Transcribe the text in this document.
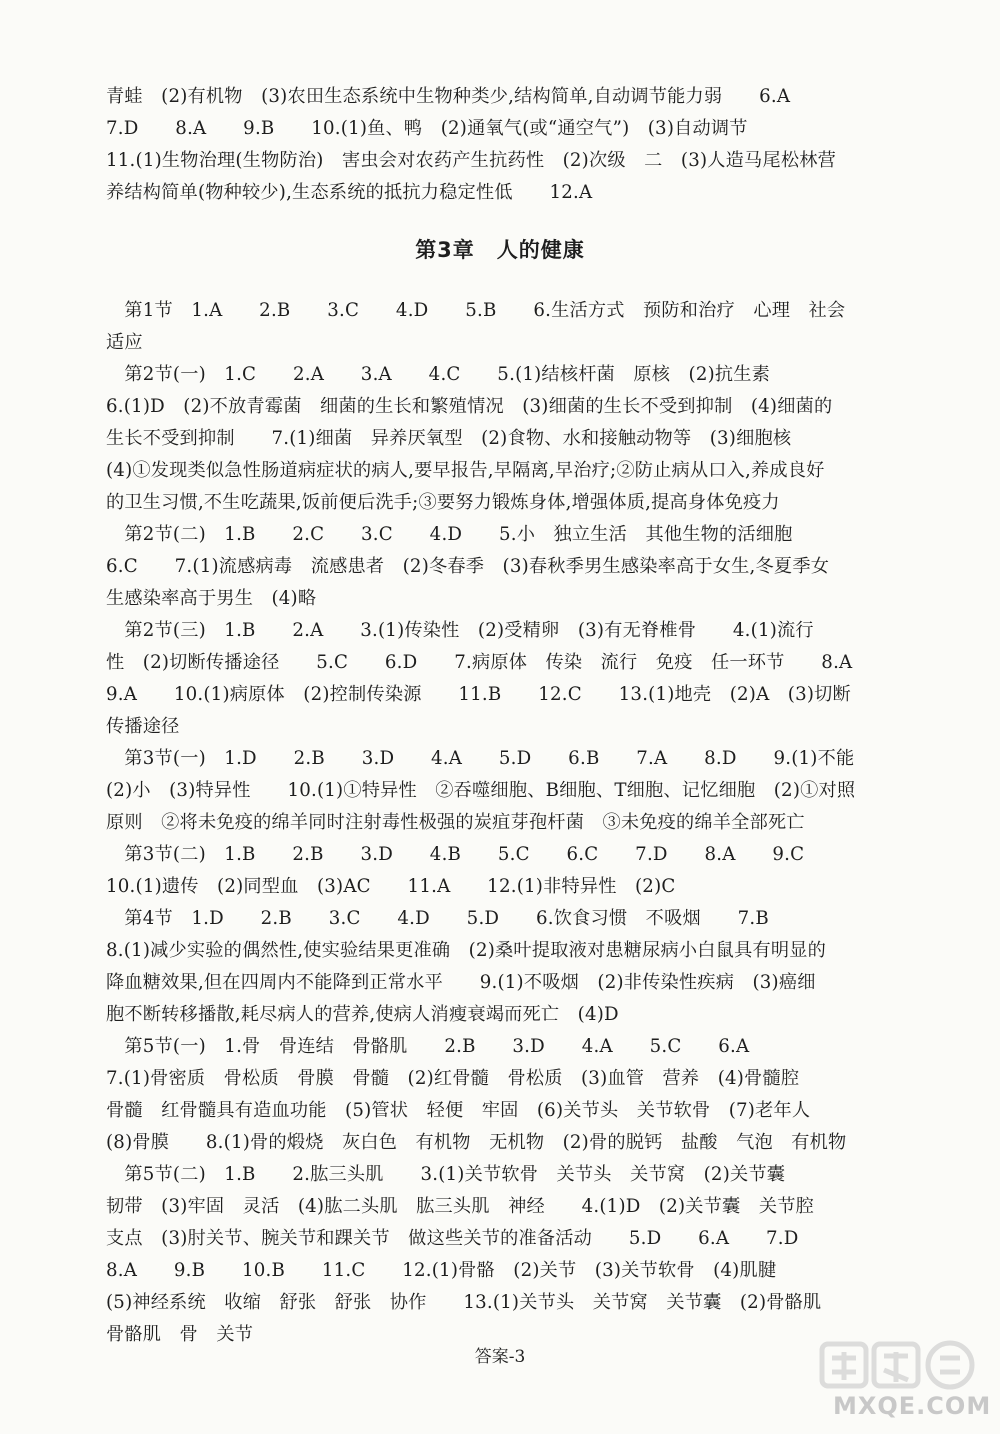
青蛙　(2)有机物　(3)农田生态系统中生物种类少,结构简单,自动调节能力弱　　6.A
7.D　　8.A　　9.B　　10.(1)鱼、鸭　(2)通氧气(或“通空气”)　(3)自动调节
11.(1)生物治理(生物防治)　害虫会对农药产生抗药性　(2)次级　二　(3)人造马尾松林营
养结构简单(物种较少),生态系统的抵抗力稳定性低　　12.A
第3章　人的健康
　第1节　1.A　　2.B　　3.C　　4.D　　5.B　　6.生活方式　预防和治疗　心理　社会
适应
　第2节(一)　1.C　　2.A　　3.A　　4.C　　5.(1)结核杆菌　原核　(2)抗生素
6.(1)D　(2)不放青霉菌　细菌的生长和繁殖情况　(3)细菌的生长不受到抑制　(4)细菌的
生长不受到抑制　　7.(1)细菌　异养厌氧型　(2)食物、水和接触动物等　(3)细胞核
(4)①发现类似急性肠道病症状的病人,要早报告,早隔离,早治疗;②防止病从口入,养成良好
的卫生习惯,不生吃蔬果,饭前便后洗手;③要努力锻炼身体,增强体质,提高身体免疫力
　第2节(二)　1.B　　2.C　　3.C　　4.D　　5.小　独立生活　其他生物的活细胞
6.C　　7.(1)流感病毒　流感患者　(2)冬春季　(3)春秋季男生感染率高于女生,冬夏季女
生感染率高于男生　(4)略
　第2节(三)　1.B　　2.A　　3.(1)传染性　(2)受精卵　(3)有无脊椎骨　　4.(1)流行
性　(2)切断传播途径　　5.C　　6.D　　7.病原体　传染　流行　免疫　任一环节　　8.A
9.A　　10.(1)病原体　(2)控制传染源　　11.B　　12.C　　13.(1)地壳　(2)A　(3)切断
传播途径
　第3节(一)　1.D　　2.B　　3.D　　4.A　　5.D　　6.B　　7.A　　8.D　　9.(1)不能
(2)小　(3)特异性　　10.(1)①特异性　②吞噬细胞、B细胞、T细胞、记忆细胞　(2)①对照
原则　②将未免疫的绵羊同时注射毒性极强的炭疽芽孢杆菌　③未免疫的绵羊全部死亡
　第3节(二)　1.B　　2.B　　3.D　　4.B　　5.C　　6.C　　7.D　　8.A　　9.C
10.(1)遗传　(2)同型血　(3)AC　　11.A　　12.(1)非特异性　(2)C
　第4节　1.D　　2.B　　3.C　　4.D　　5.D　　6.饮食习惯　不吸烟　　7.B
8.(1)减少实验的偶然性,使实验结果更准确　(2)桑叶提取液对患糖尿病小白鼠具有明显的
降血糖效果,但在四周内不能降到正常水平　　9.(1)不吸烟　(2)非传染性疾病　(3)癌细
胞不断转移播散,耗尽病人的营养,使病人消瘦衰竭而死亡　(4)D
　第5节(一)　1.骨　骨连结　骨骼肌　　2.B　　3.D　　4.A　　5.C　　6.A
7.(1)骨密质　骨松质　骨膜　骨髓　(2)红骨髓　骨松质　(3)血管　营养　(4)骨髓腔
骨髓　红骨髓具有造血功能　(5)管状　轻便　牢固　(6)关节头　关节软骨　(7)老年人
(8)骨膜　　8.(1)骨的煅烧　灰白色　有机物　无机物　(2)骨的脱钙　盐酸　气泡　有机物
　第5节(二)　1.B　　2.肱三头肌　　3.(1)关节软骨　关节头　关节窝　(2)关节囊
韧带　(3)牢固　灵活　(4)肱二头肌　肱三头肌　神经　　4.(1)D　(2)关节囊　关节腔
支点　(3)肘关节、腕关节和踝关节　做这些关节的准备活动　　5.D　　6.A　　7.D
8.A　　9.B　　10.B　　11.C　　12.(1)骨骼　(2)关节　(3)关节软骨　(4)肌腱
(5)神经系统　收缩　舒张　舒张　协作　　13.(1)关节头　关节窝　关节囊　(2)骨骼肌
骨骼肌　骨　关节
答案-3
MXQE.COM
